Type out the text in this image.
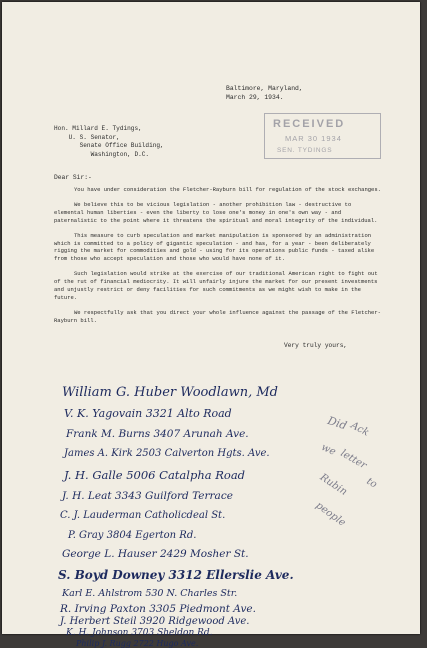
Baltimore, Maryland,
March 29, 1934.
RECEIVED
MAR 30 1934
SEN. TYDINGS
Hon. Millard E. Tydings,
U. S. Senator,
Senate Office Building,
Washington, D.C.
Dear Sir:-

You have under consideration the Fletcher-Rayburn bill for regulation of the stock exchanges.

We believe this to be vicious legislation - another prohibition law - destructive to elemental human liberties - even the liberty to lose one's money in one's own way - and paternalistic to the point where it threatens the spiritual and moral integrity of the individual.

This measure to curb speculation and market manipulation is sponsored by an administration which is committed to a policy of gigantic speculation - and has, for a year - been deliberately rigging the market for commodities and gold - using for its operations public funds - taxed alike from those who accept speculation and those who would have none of it.

Such legislation would strike at the exercise of our traditional American right to fight out of the rut of financial mediocrity. It will unfairly injure the market for our present investments and unjustly restrict or deny facilities for such commitments as we might wish to make in the future.

We respectfully ask that you direct your whole influence against the passage of the Fletcher-Rayburn bill.

Very truly yours,
William G. Huber Woodlawn, Md
V. K. Yagovain 3321 Alto Road
Frank M. Burns 3407 Arunah Ave.
James A. Kirk 2503 Calverton Hgts. Ave.
J. H. Galle 5006 Catalpha Road
J. H. Leat 3343 Guilford Terrace
C. J. Lauderman Catholicdeal St.
P. Gray 3804 Egerton Rd.
George L. Hauser 2429 Mosher St.
S. Boyd Downey 3312 Ellerslie Ave.
Karl E. Ahlstrom 530 N. Charles Str.
R. Irving Paxton 3305 Piedmont Ave.
J. Herbert Steil 3920 Ridgewood Ave.
K. H. Johnson 3703 Sheldon Rd.
Philip J. Rugg 2722 Hugo Ave.
Did Ack
we letter
to
Rubin
people
